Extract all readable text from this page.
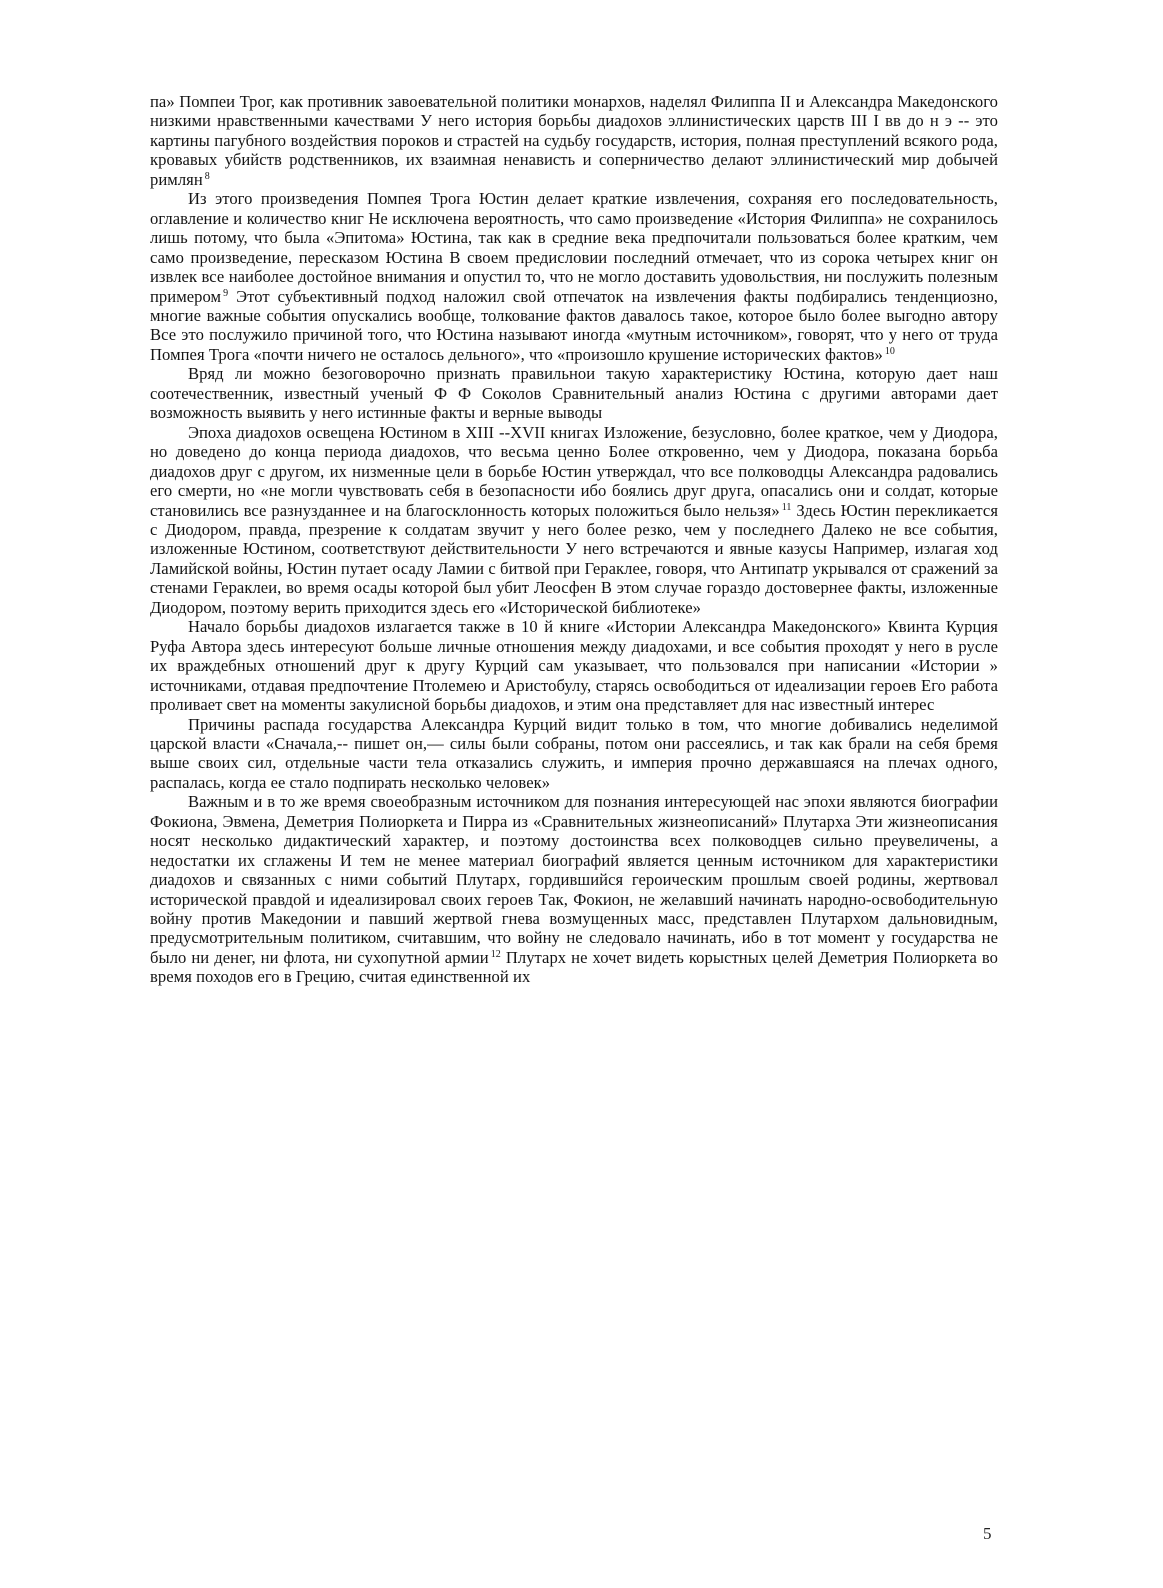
па» Помпеи Трог, как противник завоевательной политики монархов, наделял Филиппа II и Александра Македонского низкими нравственными качествами У него история борьбы диадохов эллинистических царств III I вв до н э -- это картины пагубного воздействия пороков и страстей на судьбу государств, история, полная преступлений всякого рода, кровавых убийств родственников, их взаимная ненависть и соперничество делают эллинистический мир добычей римлян $^8$

Из этого произведения Помпея Трога Юстин делает краткие извлечения, сохраняя его последовательность, оглавление и количество книг Не исключена вероятность, что само произведение «История Филиппа» не сохранилось лишь потому, что была «Эпитома» Юстина, так как в средние века предпочитали пользоваться более кратким, чем само произведение, пересказом Юстина В своем предисловии последний отмечает, что из сорока четырех книг он извлек все наиболее достойное внимания и опустил то, что не могло доставить удовольствия, ни послужить полезным примером $^9$ Этот субъективный подход наложил свой отпечаток на извлечения факты подбирались тенденциозно, многие важные события опускались вообще, толкование фактов давалось такое, которое было более выгодно автору Все это послужило причиной того, что Юстина называют иногда «мутным источником», говорят, что у него от труда Помпея Трога «почти ничего не осталось дельного», что «произошло крушение исторических фактов» $^{10}$

Вряд ли можно безоговорочно признать правильнои такую характеристику Юстина, которую дает наш соотечественник, известный ученый Ф Ф Соколов Сравнительный анализ Юстина с другими авторами дает возможность выявить у него истинные факты и верные выводы

Эпоха диадохов освещена Юстином в XIII --XVII книгах Изложение, безусловно, более краткое, чем у Диодора, но доведено до конца периода диадохов, что весьма ценно Более откровенно, чем у Диодора, показана борьба диадохов друг с другом, их низменные цели в борьбе Юстин утверждал, что все полководцы Александра радовались его смерти, но «не могли чувствовать себя в безопасности ибо боялись друг друга, опасались они и солдат, которые становились все разнузданнее и на благосклонность которых положиться было нельзя» $^{11}$ Здесь Юстин перекликается с Диодором, правда, презрение к солдатам звучит у него более резко, чем у последнего Далеко не все события, изложенные Юстином, соответствуют действительности У него встречаются и явные казусы Например, излагая ход Ламийской войны, Юстин путает осаду Ламии с битвой при Гераклее, говоря, что Антипатр укрывался от сражений за стенами Гераклеи, во время осады которой был убит Леосфен В этом случае гораздо достовернее факты, изложенные Диодором, поэтому верить приходится здесь его «Исторической библиотеке»

Начало борьбы диадохов излагается также в 10 й книге «Истории Александра Македонского» Квинта Курция Руфа Автора здесь интересуют больше личные отношения между диадохами, и все события проходят у него в русле их враждебных отношений друг к другу Курций сам указывает, что пользовался при написании «Истории » источниками, отдавая предпочтение Птолемею и Аристобулу, старясь освободиться от идеализации героев Его работа проливает свет на моменты закулисной борьбы диадохов, и этим она представляет для нас известный интерес

Причины распада государства Александра Курций видит только в том, что многие добивались неделимой царской власти «Сначала,-- пишет он,— силы были собраны, потом они рассеялись, и так как брали на себя бремя выше своих сил, отдельные части тела отказались служить, и империя прочно державшаяся на плечах одного, распалась, когда ее стало подпирать несколько человек»

Важным и в то же время своеобразным источником для познания интересующей нас эпохи являются биографии Фокиона, Эвмена, Деметрия Полиоркета и Пирра из «Сравнительных жизнеописаний» Плутарха Эти жизнеописания носят несколько дидактический характер, и поэтому достоинства всех полководцев сильно преувеличены, а недостатки их сглажены И тем не менее материал биографий является ценным источником для характеристики диадохов и связанных с ними событий Плутарх, гордившийся героическим прошлым своей родины, жертвовал исторической правдой и идеализировал своих героев Так, Фокион, не желавший начинать народно-освободительную войну против Македонии и павший жертвой гнева возмущенных масс, представлен Плутархом дальновидным, предусмотрительным политиком, считавшим, что войну не следовало начинать, ибо в тот момент у государства не было ни денег, ни флота, ни сухопутной армии $^{12}$ Плутарх не хочет видеть корыстных целей Деметрия Полиоркета во время походов его в Грецию, считая единственной их

5
